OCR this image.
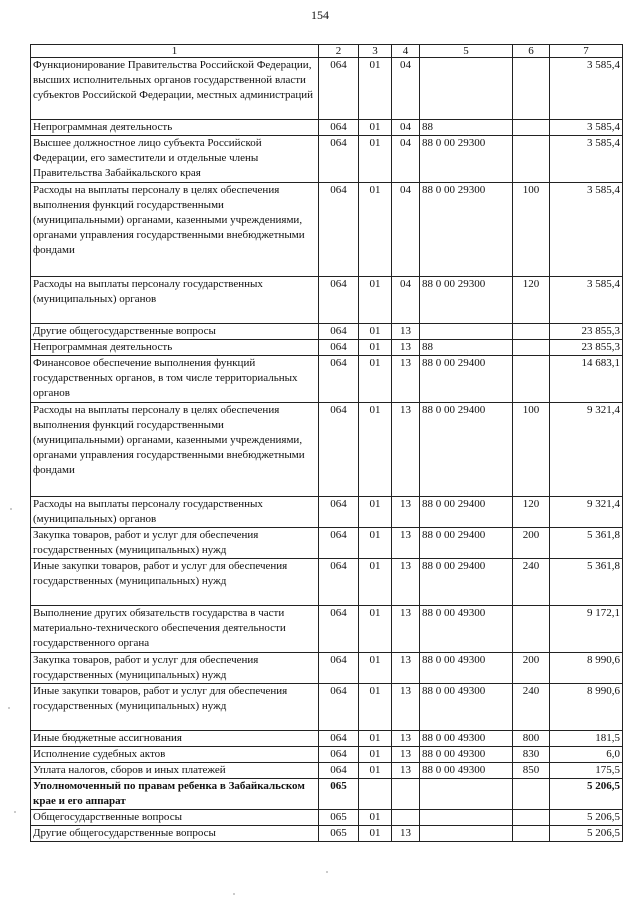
154
1	2	3	4	5	6	7
Функционирование Правительства Российской Федерации, высших исполнительных органов государственной власти субъектов Российской Федерации, местных администраций	064	01	04			3 585,4
Непрограммная деятельность	064	01	04	88		3 585,4
Высшее должностное лицо субъекта Российской Федерации, его заместители и отдельные члены Правительства Забайкальского края	064	01	04	88 0 00 29300		3 585,4
Расходы на выплаты персоналу в целях обеспечения выполнения функций государственными (муниципальными) органами, казенными учреждениями, органами управления государственными внебюджетными фондами	064	01	04	88 0 00 29300	100	3 585,4
Расходы на выплаты персоналу государственных (муниципальных) органов	064	01	04	88 0 00 29300	120	3 585,4
Другие общегосударственные вопросы	064	01	13			23 855,3
Непрограммная деятельность	064	01	13	88		23 855,3
Финансовое обеспечение выполнения функций государственных органов, в том числе территориальных органов	064	01	13	88 0 00 29400		14 683,1
Расходы на выплаты персоналу в целях обеспечения выполнения функций государственными (муниципальными) органами, казенными учреждениями, органами управления государственными внебюджетными фондами	064	01	13	88 0 00 29400	100	9 321,4
Расходы на выплаты персоналу государственных (муниципальных) органов	064	01	13	88 0 00 29400	120	9 321,4
Закупка товаров, работ и услуг для обеспечения государственных (муниципальных) нужд	064	01	13	88 0 00 29400	200	5 361,8
Иные закупки товаров, работ и услуг для обеспечения государственных (муниципальных) нужд	064	01	13	88 0 00 29400	240	5 361,8
Выполнение других обязательств государства в части материально-технического обеспечения деятельности государственного органа	064	01	13	88 0 00 49300		9 172,1
Закупка товаров, работ и услуг для обеспечения государственных (муниципальных) нужд	064	01	13	88 0 00 49300	200	8 990,6
Иные закупки товаров, работ и услуг для обеспечения государственных (муниципальных) нужд	064	01	13	88 0 00 49300	240	8 990,6
Иные бюджетные ассигнования	064	01	13	88 0 00 49300	800	181,5
Исполнение судебных актов	064	01	13	88 0 00 49300	830	6,0
Уплата налогов, сборов и иных платежей	064	01	13	88 0 00 49300	850	175,5
Уполномоченный по правам ребенка в Забайкальском крае и его аппарат	065					5 206,5
Общегосударственные вопросы	065	01				5 206,5
Другие общегосударственные вопросы	065	01	13			5 206,5
